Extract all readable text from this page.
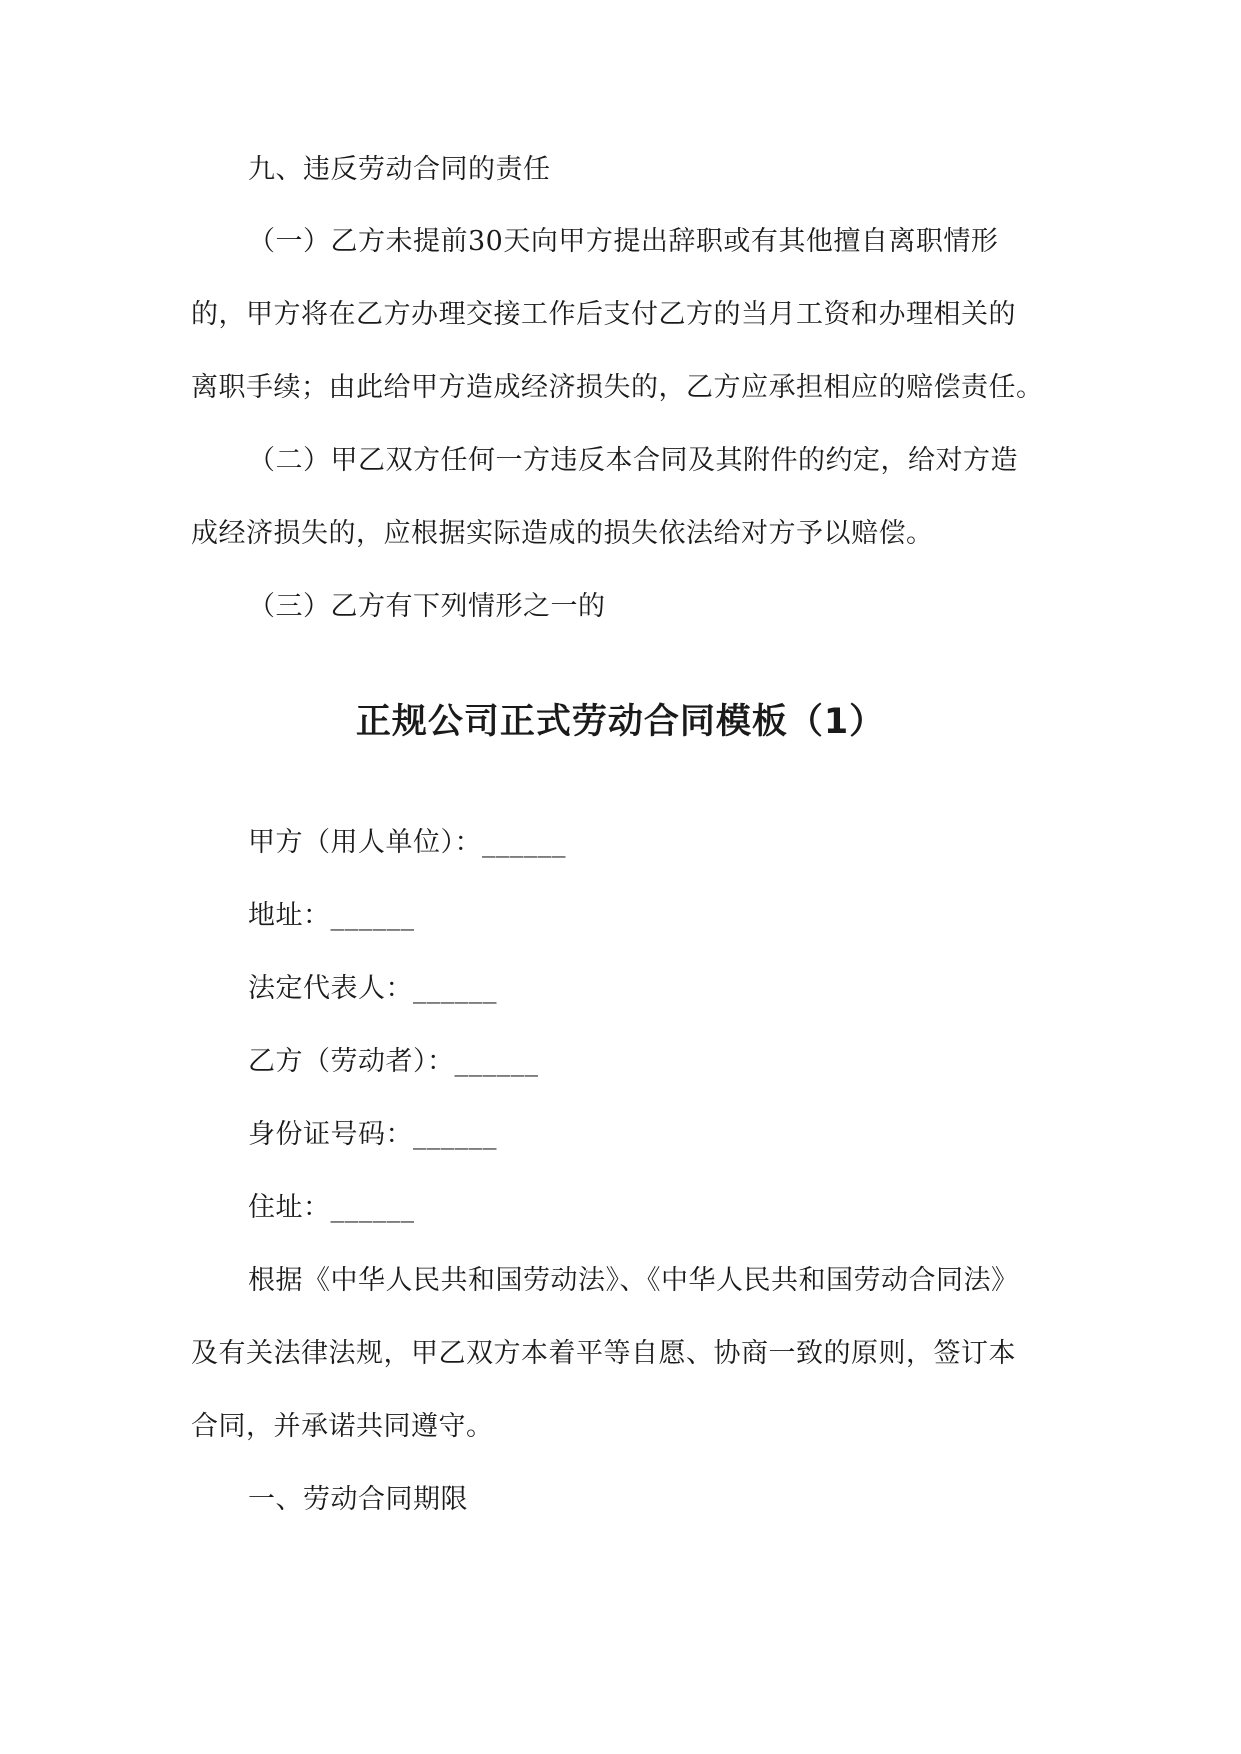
九、违反劳动合同的责任
（一）乙方未提前30天向甲方提出辞职或有其他擅自离职情形
的，甲方将在乙方办理交接工作后支付乙方的当月工资和办理相关的
离职手续；由此给甲方造成经济损失的，乙方应承担相应的赔偿责任。
（二）甲乙双方任何一方违反本合同及其附件的约定，给对方造
成经济损失的，应根据实际造成的损失依法给对方予以赔偿。
（三）乙方有下列情形之一的
正规公司正式劳动合同模板（1）
甲方（用人单位）：______
地址：______
法定代表人：______
乙方（劳动者）：______
身份证号码：______
住址：______
根据《中华人民共和国劳动法》、《中华人民共和国劳动合同法》
及有关法律法规，甲乙双方本着平等自愿、协商一致的原则，签订本
合同，并承诺共同遵守。
一、劳动合同期限
